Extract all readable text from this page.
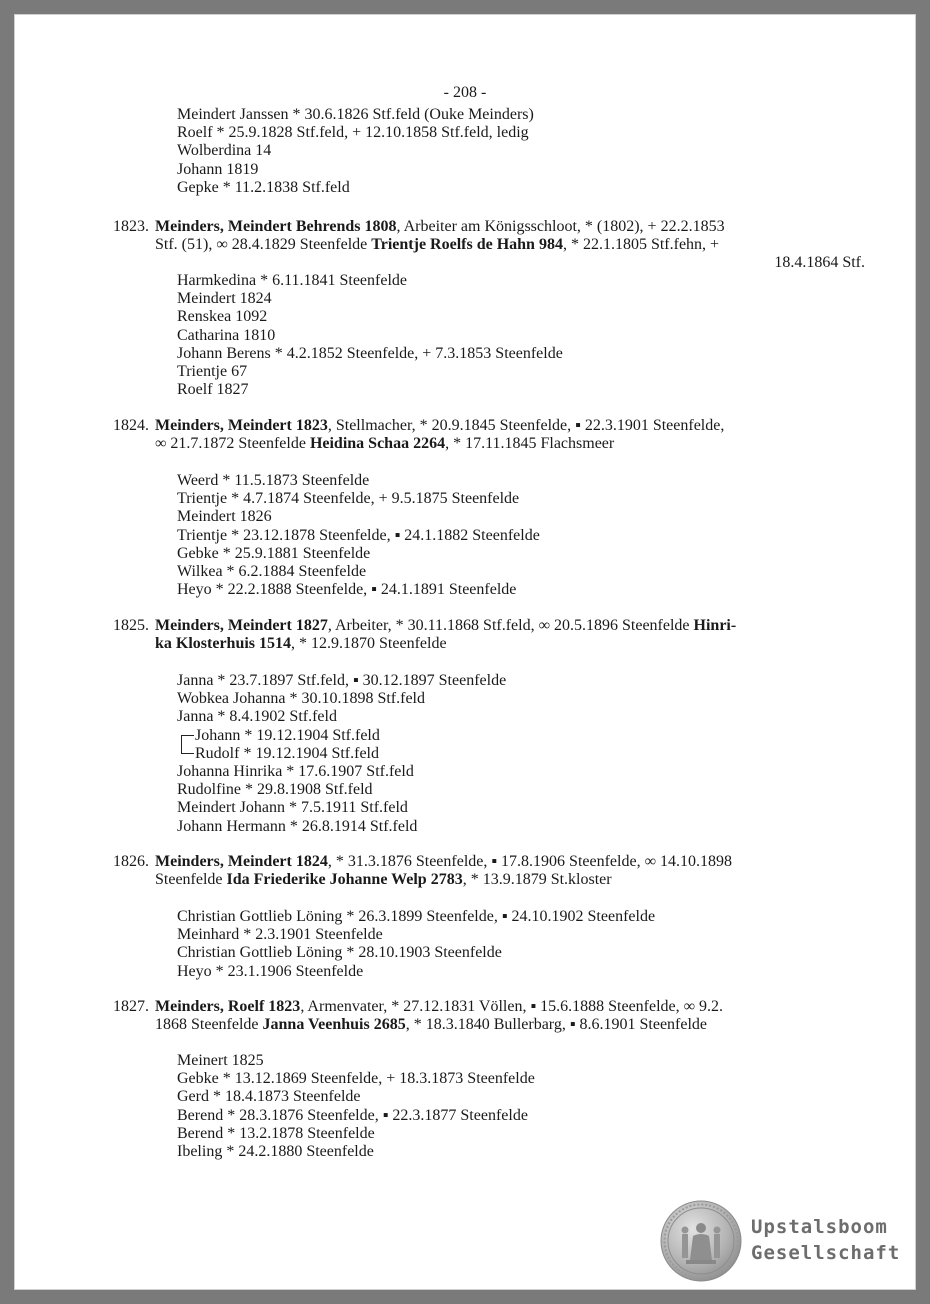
- 208 -
Meindert Janssen * 30.6.1826 Stf.feld (Ouke Meinders)
Roelf * 25.9.1828 Stf.feld, + 12.10.1858 Stf.feld, ledig
Wolberdina 14
Johann 1819
Gepke * 11.2.1838 Stf.feld
1823. Meinders, Meindert Behrends 1808, Arbeiter am Königsschloot, * (1802), + 22.2.1853
Stf. (51), ∞ 28.4.1829 Steenfelde Trientje Roelfs de Hahn 984, * 22.1.1805 Stf.fehn, +
18.4.1864 Stf.
Harmkedina * 6.11.1841 Steenfelde
Meindert 1824
Renskea 1092
Catharina 1810
Johann Berens * 4.2.1852 Steenfelde, + 7.3.1853 Steenfelde
Trientje 67
Roelf 1827
1824. Meinders, Meindert 1823, Stellmacher, * 20.9.1845 Steenfelde, ▪ 22.3.1901 Steenfelde,
∞ 21.7.1872 Steenfelde Heidina Schaa 2264, * 17.11.1845 Flachsmeer
Weerd * 11.5.1873 Steenfelde
Trientje * 4.7.1874 Steenfelde, + 9.5.1875 Steenfelde
Meindert 1826
Trientje * 23.12.1878 Steenfelde, ▪ 24.1.1882 Steenfelde
Gebke * 25.9.1881 Steenfelde
Wilkea * 6.2.1884 Steenfelde
Heyo * 22.2.1888 Steenfelde, ▪ 24.1.1891 Steenfelde
1825. Meinders, Meindert 1827, Arbeiter, * 30.11.1868 Stf.feld, ∞ 20.5.1896 Steenfelde Hinri-
ka Klosterhuis 1514, * 12.9.1870 Steenfelde
Janna * 23.7.1897 Stf.feld, ▪ 30.12.1897 Steenfelde
Wobkea Johanna * 30.10.1898 Stf.feld
Janna * 8.4.1902 Stf.feld
Johann * 19.12.1904 Stf.feld
Rudolf * 19.12.1904 Stf.feld
Johanna Hinrika * 17.6.1907 Stf.feld
Rudolfine * 29.8.1908 Stf.feld
Meindert Johann * 7.5.1911 Stf.feld
Johann Hermann * 26.8.1914 Stf.feld
1826. Meinders, Meindert 1824, * 31.3.1876 Steenfelde, ▪ 17.8.1906 Steenfelde, ∞ 14.10.1898
Steenfelde Ida Friederike Johanne Welp 2783, * 13.9.1879 St.kloster
Christian Gottlieb Löning * 26.3.1899 Steenfelde, ▪ 24.10.1902 Steenfelde
Meinhard * 2.3.1901 Steenfelde
Christian Gottlieb Löning * 28.10.1903 Steenfelde
Heyo * 23.1.1906 Steenfelde
1827. Meinders, Roelf 1823, Armenvater, * 27.12.1831 Völlen, ▪ 15.6.1888 Steenfelde, ∞ 9.2.
1868 Steenfelde Janna Veenhuis 2685, * 18.3.1840 Bullerbarg, ▪ 8.6.1901 Steenfelde
Meinert 1825
Gebke * 13.12.1869 Steenfelde, + 18.3.1873 Steenfelde
Gerd * 18.4.1873 Steenfelde
Berend * 28.3.1876 Steenfelde, ▪ 22.3.1877 Steenfelde
Berend * 13.2.1878 Steenfelde
Ibeling * 24.2.1880 Steenfelde
Upstalsboom
Gesellschaft
